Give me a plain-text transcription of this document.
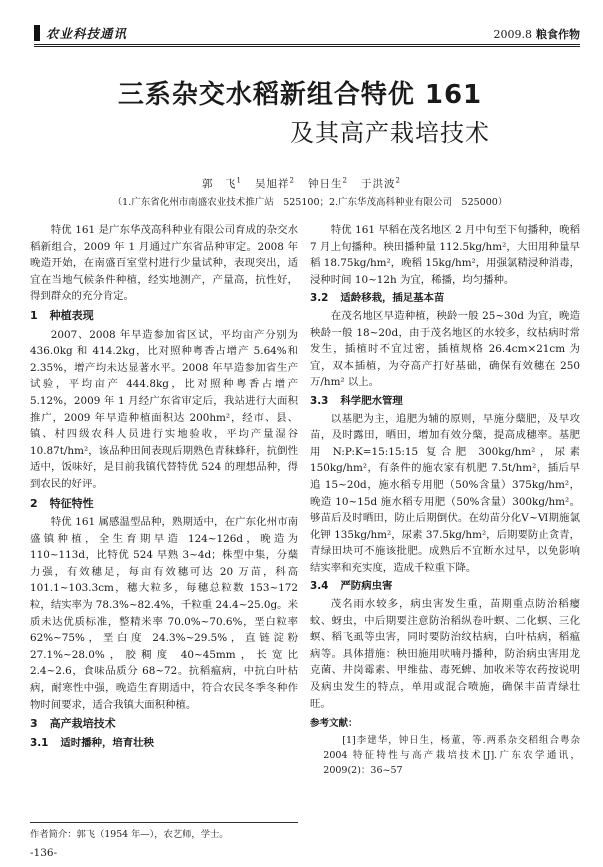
农业科技通讯	2009.8 粮食作物
三系杂交水稻新组合特优 161
及其高产栽培技术
郭　飞$^1$ 吴旭祥$^2$ 钟日生$^2$ 于洪波$^2$
（1.广东省化州市南盛农业技术推广站　525100；2.广东华茂高科种业有限公司　525000）

特优 161 是广东华茂高科种业有限公司育成的杂交水稻新组合，2009 年 1 月通过广东省品种审定。2008 年晚造开始，在南盛百室堂村进行少量试种，表现突出，适宜在当地气候条件种植，经实地测产，产量高，抗性好，得到群众的充分肯定。

1 种植表现

2007、2008 年早造参加省区试，平均亩产分别为 436.0kg 和 414.2kg，比对照种粤香占增产 5.64%和 2.35%，增产均未达显著水平。2008 年早造参加省生产试验，平均亩产 444.8kg，比对照种粤香占增产 5.12%，2009 年 1 月经广东省审定后，我站进行大面积推广，2009 年早造种植面积达 200hm²，经市、县、镇、村四级农科人员进行实地验收，平均产量湿谷 10.87t/hm²，该品种田间表现后期熟色青秣蜂秆，抗倒性适中，饭味好，是目前我镇代替特优 524 的理想品种，得到农民的好评。

2 特征特性

特优 161 属感温型品种，熟期适中，在广东化州市南盛镇种植，全生育期早造 124~126d，晚造为 110~113d，比特优 524 早熟 3~4d；株型中集，分蘖力强，有效穗足，每亩有效穗可达 20 万苗，科高 101.1~103.3cm，穗大粒多，每穗总粒数 153~172 粒，结实率为 78.3%~82.4%，千粒重 24.4~25.0g。米质未达优质标准，整精米率 70.0%~70.6%，垩白粒率 62%~75%，垩白度 24.3%~29.5%，直链淀粉 27.1%~28.0%，胶稠度 40~45mm，长宽比 2.4~2.6，食味品质分 68~72。抗稻瘟病，中抗白叶枯病，耐寒性中强，晚造生育期适中，符合农民冬季冬种作物时间要求，适合我镇大面积种植。

3 高产栽培技术
3.1 适时播种，培育壮秧

特优 161 早稻在茂名地区 2 月中旬至下旬播种，晚稻 7 月上旬播种。秧田播种量 112.5kg/hm²，大田用种量早稻 18.75kg/hm²，晚稻 15kg/hm²，用强氯精浸种消毒，浸种时间 10~12h 为宜，稀播，均匀播种。

3.2 适龄移栽，插足基本苗

在茂名地区早造种植，秧龄一般 25~30d 为宜，晚造秧龄一般 18~20d，由于茂名地区的水较多，纹枯病时常发生，插植时不宜过密，插植规格 26.4cm×21cm 为宜，双本插植，为夺高产打好基础，确保有效穗在 250 万/hm² 以上。

3.3 科学肥水管理

以基肥为主，追肥为辅的原则，早施分蘖肥，及早攻苗，及时露田，晒田，增加有效分蘖，提高成穗率。基肥用 N:P:K=15:15:15 复合肥 300kg/hm²，尿素 150kg/hm²，有条件的施农家有机肥 7.5t/hm²，插后早追 15~20d，施水稻专用肥（50%含量）375kg/hm²，晚造 10~15d 施水稻专用肥（50%含量）300kg/hm²。够苗后及时晒田，防止后期倒伏。在幼苗分化Ⅴ~Ⅵ期施氯化钾 135kg/hm²，尿素 37.5kg/hm²，后期要防止贪青，青绿田块可不施该批肥。成熟后不宜断水过早，以免影响结实率和充实度，造成千粒重下降。

3.4 严防病虫害

茂名雨水较多，病虫害发生重，苗期重点防治稻瘿蚊、蚜虫，中后期要注意防治稻纵卷叶螟、二化螟、三化螟、稻飞虱等虫害，同时要防治纹枯病，白叶枯病，稻瘟病等。具体措施：秧田施用吠喃丹播种，防治病虫害用龙克菌、井岗霉素、甲维盐、毒死蜱、加收米等农药按说明及病虫发生的特点，单用或混合喷施，确保丰苗青绿壮旺。

参考文献：

[1]李建华，钟日生，杨董，等.两系杂交稻组合粤杂 2004 特征特性与高产栽培技术[J].广东农学通讯，2009(2)：36~57

作者简介：郭飞（1954 年—），农艺师，学士。
-136-
